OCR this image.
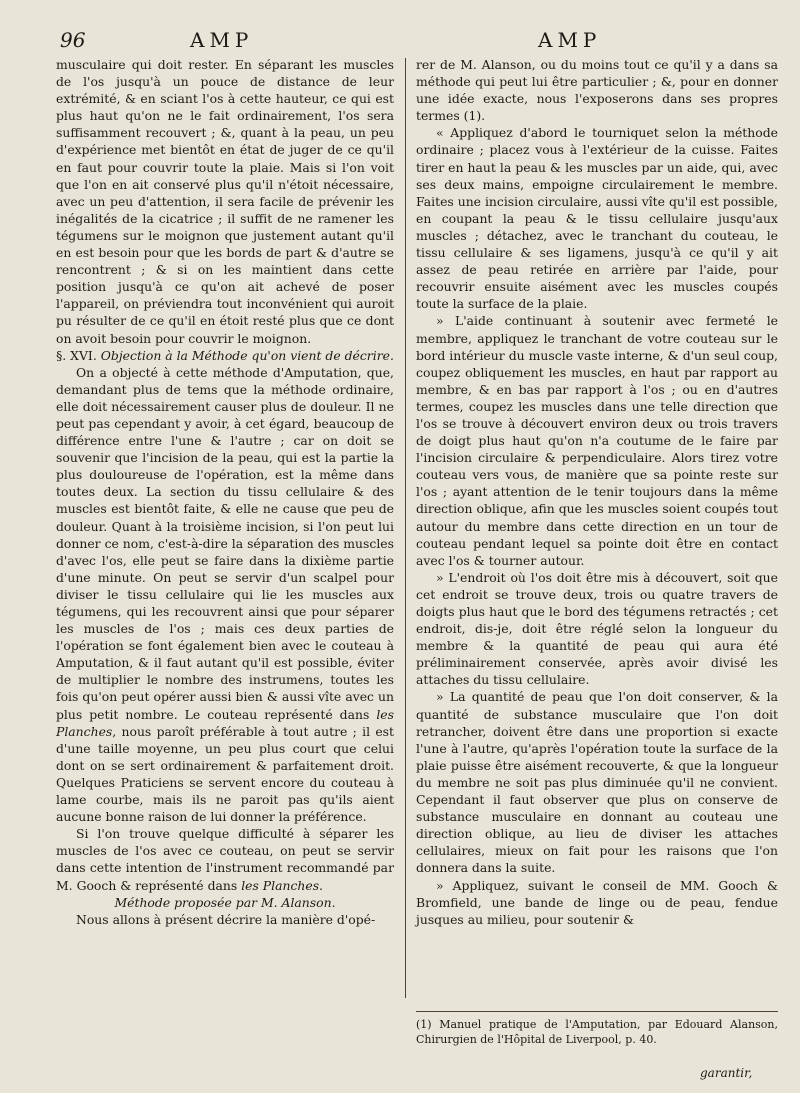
96	AMP	AMP

musculaire qui doit rester. En séparant les muscles de l'os jusqu'à un pouce de distance de leur extrémité, & en sciant l'os à cette hauteur, ce qui est plus haut qu'on ne le fait ordinairement, l'os sera suffisamment recouvert ; &, quant à la peau, un peu d'expérience met bientôt en état de juger de ce qu'il en faut pour couvrir toute la plaie. Mais si l'on voit que l'on en ait conservé plus qu'il n'étoit nécessaire, avec un peu d'attention, il sera facile de prévenir les inégalités de la cicatrice ; il suffit de ne ramener les tégumens sur le moignon que justement autant qu'il en est besoin pour que les bords de part & d'autre se rencontrent ; & si on les maintient dans cette position jusqu'à ce qu'on ait achevé de poser l'appareil, on préviendra tout inconvénient qui auroit pu résulter de ce qu'il en étoit resté plus que ce dont on avoit besoin pour couvrir le moignon.

§. XVI. Objection à la Méthode qu'on vient de décrire.

On a objecté à cette méthode d'Amputation, que, demandant plus de tems que la méthode ordinaire, elle doit nécessairement causer plus de douleur. Il ne peut pas cependant y avoir, à cet égard, beaucoup de différence entre l'une & l'autre ; car on doit se souvenir que l'incision de la peau, qui est la partie la plus douloureuse de l'opération, est la même dans toutes deux. La section du tissu cellulaire & des muscles est bientôt faite, & elle ne cause que peu de douleur. Quant à la troisième incision, si l'on peut lui donner ce nom, c'est-à-dire la séparation des muscles d'avec l'os, elle peut se faire dans la dixième partie d'une minute. On peut se servir d'un scalpel pour diviser le tissu cellulaire qui lie les muscles aux tégumens, qui les recouvrent ainsi que pour séparer les muscles de l'os ; mais ces deux parties de l'opération se font également bien avec le couteau à Amputation, & il faut autant qu'il est possible, éviter de multiplier le nombre des instrumens, toutes les fois qu'on peut opérer aussi bien & aussi vîte avec un plus petit nombre. Le couteau représenté dans les Planches, nous paroît préférable à tout autre ; il est d'une taille moyenne, un peu plus court que celui dont on se sert ordinairement & parfaitement droit. Quelques Praticiens se servent encore du couteau à lame courbe, mais ils ne paroit pas qu'ils aient aucune bonne raison de lui donner la préférence.

Si l'on trouve quelque difficulté à séparer les muscles de l'os avec ce couteau, on peut se servir dans cette intention de l'instrument recommandé par M. Gooch & représenté dans les Planches.

Méthode proposée par M. Alanson.

Nous allons à présent décrire la manière d'opé-

rer de M. Alanson, ou du moins tout ce qu'il y a dans sa méthode qui peut lui être particulier ; &, pour en donner une idée exacte, nous l'exposerons dans ses propres termes (1).

« Appliquez d'abord le tourniquet selon la méthode ordinaire ; placez vous à l'extérieur de la cuisse. Faites tirer en haut la peau & les muscles par un aide, qui, avec ses deux mains, empoigne circulairement le membre. Faites une incision circulaire, aussi vîte qu'il est possible, en coupant la peau & le tissu cellulaire jusqu'aux muscles ; détachez, avec le tranchant du couteau, le tissu cellulaire & ses ligamens, jusqu'à ce qu'il y ait assez de peau retirée en arrière par l'aide, pour recouvrir ensuite aisément avec les muscles coupés toute la surface de la plaie.

» L'aide continuant à soutenir avec fermeté le membre, appliquez le tranchant de votre couteau sur le bord intérieur du muscle vaste interne, & d'un seul coup, coupez obliquement les muscles, en haut par rapport au membre, & en bas par rapport à l'os ; ou en d'autres termes, coupez les muscles dans une telle direction que l'os se trouve à découvert environ deux ou trois travers de doigt plus haut qu'on n'a coutume de le faire par l'incision circulaire & perpendiculaire. Alors tirez votre couteau vers vous, de manière que sa pointe reste sur l'os ; ayant attention de le tenir toujours dans la même direction oblique, afin que les muscles soient coupés tout autour du membre dans cette direction en un tour de couteau pendant lequel sa pointe doit être en contact avec l'os & tourner autour.

» L'endroit où l'os doit être mis à découvert, soit que cet endroit se trouve deux, trois ou quatre travers de doigts plus haut que le bord des tégumens retractés ; cet endroit, dis-je, doit être réglé selon la longueur du membre & la quantité de peau qui aura été préliminairement conservée, après avoir divisé les attaches du tissu cellulaire.

» La quantité de peau que l'on doit conserver, & la quantité de substance musculaire que l'on doit retrancher, doivent être dans une proportion si exacte l'une à l'autre, qu'après l'opération toute la surface de la plaie puisse être aisément recouverte, & que la longueur du membre ne soit pas plus diminuée qu'il ne convient. Cependant il faut observer que plus on conserve de substance musculaire en donnant au couteau une direction oblique, au lieu de diviser les attaches cellulaires, mieux on fait pour les raisons que l'on donnera dans la suite.

» Appliquez, suivant le conseil de MM. Gooch & Bromfield, une bande de linge ou de peau, fendue jusques au milieu, pour soutenir &

(1) Manuel pratique de l'Amputation, par Edouard Alanson, Chirurgien de l'Hôpital de Liverpool, p. 40.
garantir,
